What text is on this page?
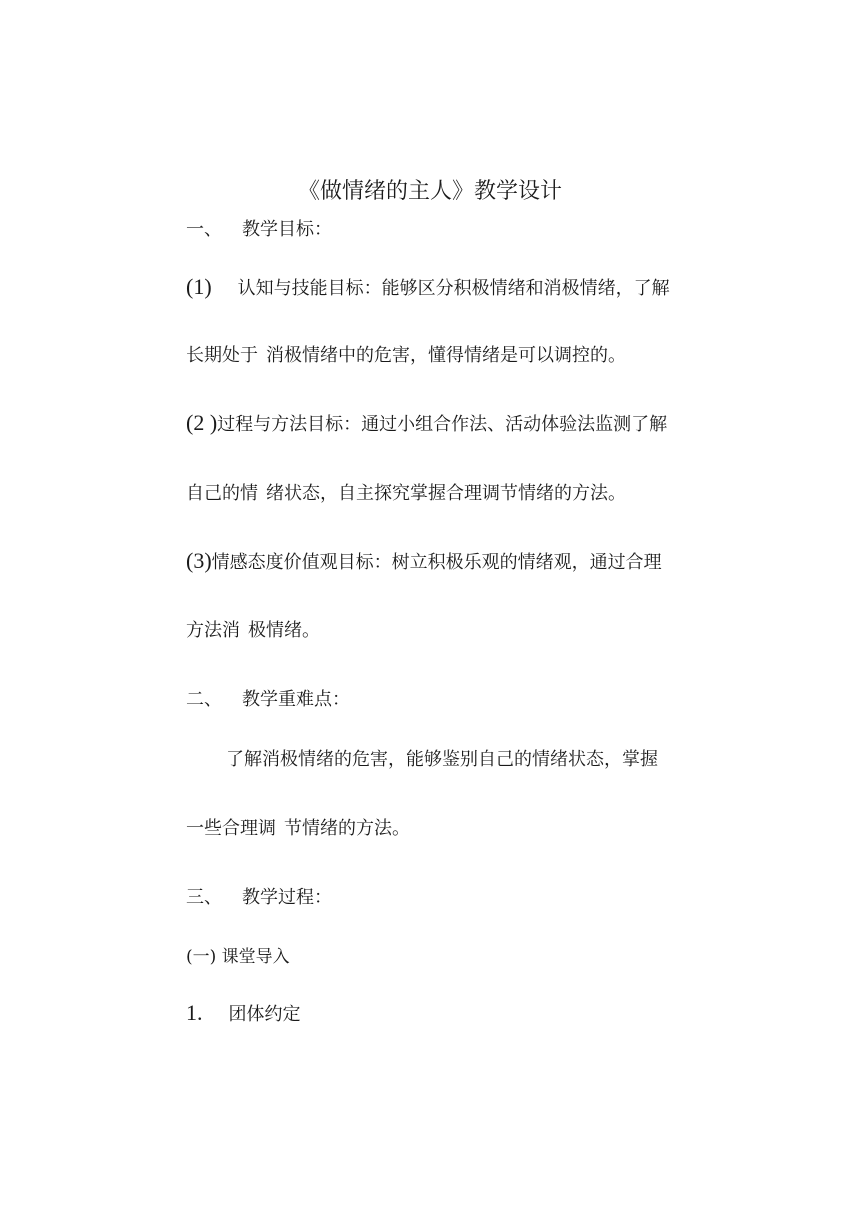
《做情绪的主人》教学设计
一、 教学目标：
(1) 认知与技能目标：能够区分积极情绪和消极情绪，了解
长期处于 消极情绪中的危害，懂得情绪是可以调控的。
(2 )过程与方法目标：通过小组合作法、活动体验法监测了解
自己的情 绪状态，自主探究掌握合理调节情绪的方法。
(3)情感态度价值观目标：树立积极乐观的情绪观，通过合理
方法消 极情绪。
二、 教学重难点：
了解消极情绪的危害，能够鉴别自己的情绪状态，掌握
一些合理调 节情绪的方法。
三、 教学过程：
(一) 课堂导入
1. 团体约定
